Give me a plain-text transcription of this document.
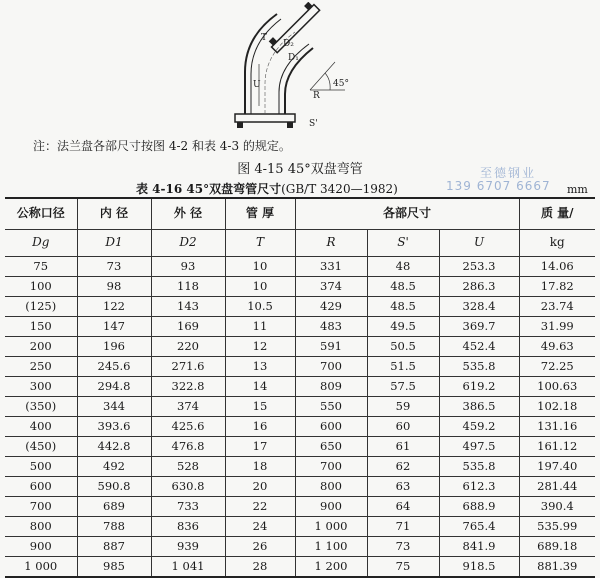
D₂
D₁
T
U
R
S'
45°
注：法兰盘各部尺寸按图 4-2 和表 4-3 的规定。
图 4-15 45°双盘弯管	至德钢业
139 6707 6667
表 4-16 45°双盘弯管尺寸(GB/T 3420—1982)	mm
公称口径	内 径	外 径	管 厚	各部尺寸			质 量/
Dg	D1	D2	T	R	S'	U	kg
75	73	93	10	331	48	253.3	14.06
100	98	118	10	374	48.5	286.3	17.82
(125)	122	143	10.5	429	48.5	328.4	23.74
150	147	169	11	483	49.5	369.7	31.99
200	196	220	12	591	50.5	452.4	49.63
250	245.6	271.6	13	700	51.5	535.8	72.25
300	294.8	322.8	14	809	57.5	619.2	100.63
(350)	344	374	15	550	59	386.5	102.18
400	393.6	425.6	16	600	60	459.2	131.16
(450)	442.8	476.8	17	650	61	497.5	161.12
500	492	528	18	700	62	535.8	197.40
600	590.8	630.8	20	800	63	612.3	281.44
700	689	733	22	900	64	688.9	390.4
800	788	836	24	1 000	71	765.4	535.99
900	887	939	26	1 100	73	841.9	689.18
1 000	985	1 041	28	1 200	75	918.5	881.39
